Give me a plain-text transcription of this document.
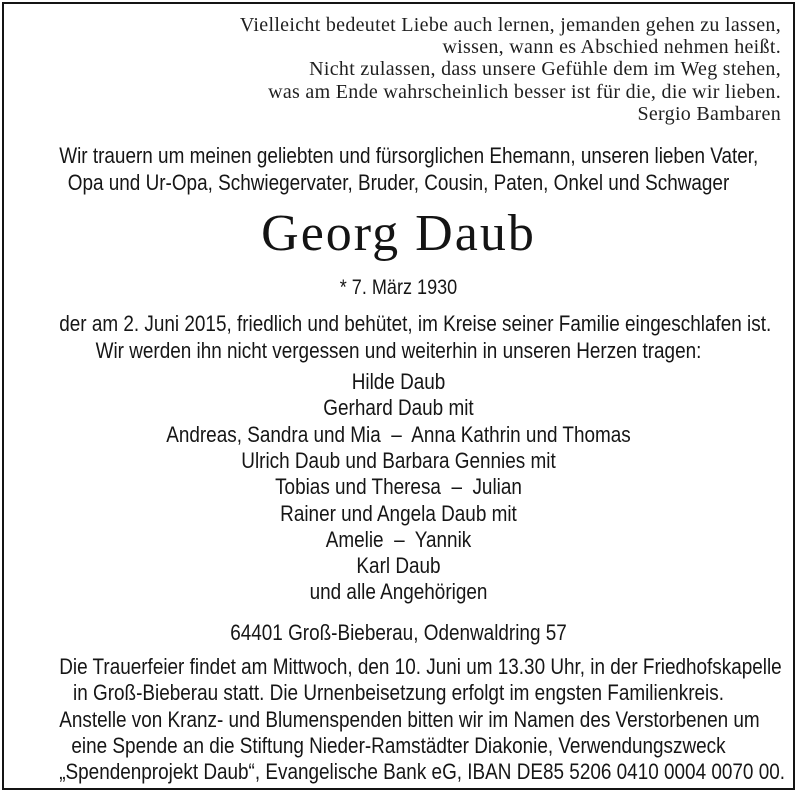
Vielleicht bedeutet Liebe auch lernen, jemanden gehen zu lassen,
wissen, wann es Abschied nehmen heißt.
Nicht zulassen, dass unsere Gefühle dem im Weg stehen,
was am Ende wahrscheinlich besser ist für die, die wir lieben.
Sergio Bambaren
Wir trauern um meinen geliebten und fürsorglichen Ehemann, unseren lieben Vater,
Opa und Ur-Opa, Schwiegervater, Bruder, Cousin, Paten, Onkel und Schwager
Georg Daub
* 7. März 1930
der am 2. Juni 2015, friedlich und behütet, im Kreise seiner Familie eingeschlafen ist.
Wir werden ihn nicht vergessen und weiterhin in unseren Herzen tragen:
Hilde Daub
Gerhard Daub mit
Andreas, Sandra und Mia  –  Anna Kathrin und Thomas
Ulrich Daub und Barbara Gennies mit
Tobias und Theresa  –  Julian
Rainer und Angela Daub mit
Amelie  –  Yannik
Karl Daub
und alle Angehörigen
64401 Groß-Bieberau, Odenwaldring 57
Die Trauerfeier findet am Mittwoch, den 10. Juni um 13.30 Uhr, in der Friedhofskapelle
in Groß-Bieberau statt. Die Urnenbeisetzung erfolgt im engsten Familienkreis.
Anstelle von Kranz- und Blumenspenden bitten wir im Namen des Verstorbenen um
eine Spende an die Stiftung Nieder-Ramstädter Diakonie, Verwendungszweck
„Spendenprojekt Daub“, Evangelische Bank eG, IBAN DE85 5206 0410 0004 0070 00.
